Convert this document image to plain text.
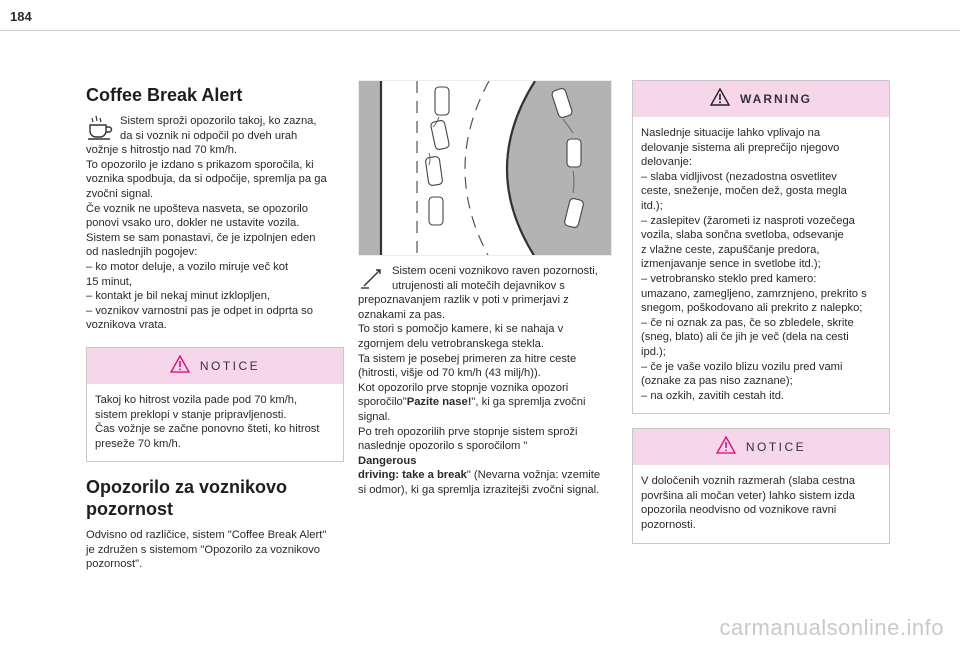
184
Coffee Break Alert
Sistem sproži opozorilo takoj, ko zazna,
da si voznik ni odpočil po dveh urah
vožnje s hitrostjo nad 70 km/h.
To opozorilo je izdano s prikazom sporočila, ki
voznika spodbuja, da si odpočije, spremlja pa ga
zvočni signal.
Če voznik ne upošteva nasveta, se opozorilo
ponovi vsako uro, dokler ne ustavite vozila.
Sistem se sam ponastavi, če je izpolnjen eden
od naslednjih pogojev:
– ko motor deluje, a vozilo miruje več kot
15 minut,
– kontakt je bil nekaj minut izklopljen,
– voznikov varnostni pas je odpet in odprta so
voznikova vrata.
NOTICE
Takoj ko hitrost vozila pade pod 70 km/h,
sistem preklopi v stanje pripravljenosti.
Čas vožnje se začne ponovno šteti, ko hitrost
preseže 70 km/h.
Opozorilo za voznikovo
pozornost
Odvisno od različice, sistem "Coffee Break Alert"
je združen s sistemom "Opozorilo za voznikovo
pozornost".
Sistem oceni voznikovo raven pozornosti,
utrujenosti ali motečih dejavnikov s
prepoznavanjem razlik v poti v primerjavi z
oznakami za pas.
To stori s pomočjo kamere, ki se nahaja v
zgornjem delu vetrobranskega stekla.
Ta sistem je posebej primeren za hitre ceste
(hitrosti, višje od 70 km/h (43 milj/h)).
Kot opozorilo prve stopnje voznika opozori
sporočilo"Pazite nase!", ki ga spremlja zvočni
signal.
Po treh opozorilih prve stopnje sistem sproži
naslednje opozorilo s sporočilom "
Dangerous
driving: take a break" (Nevarna vožnja: vzemite
si odmor), ki ga spremlja izrazitejši zvočni signal.
WARNING
Naslednje situacije lahko vplivajo na
delovanje sistema ali preprečijo njegovo
delovanje:
– slaba vidljivost (nezadostna osvetlitev
ceste, sneženje, močen dež, gosta megla
itd.);
– zaslepitev (žarometi iz nasproti vozečega
vozila, slaba sončna svetloba, odsevanje
z vlažne ceste, zapuščanje predora,
izmenjavanje sence in svetlobe itd.);
– vetrobransko steklo pred kamero:
umazano, zamegljeno, zamrznjeno, prekrito s
snegom, poškodovano ali prekrito z nalepko;
– če ni oznak za pas, če so zbledele, skrite
(sneg, blato) ali če jih je več (dela na cesti
ipd.);
– če je vaše vozilo blizu vozilu pred vami
(oznake za pas niso zaznane);
– na ozkih, zavitih cestah itd.
NOTICE
V določenih voznih razmerah (slaba cestna
površina ali močan veter) lahko sistem izda
opozorila neodvisno od voznikove ravni
pozornosti.
carmanualsonline.info
